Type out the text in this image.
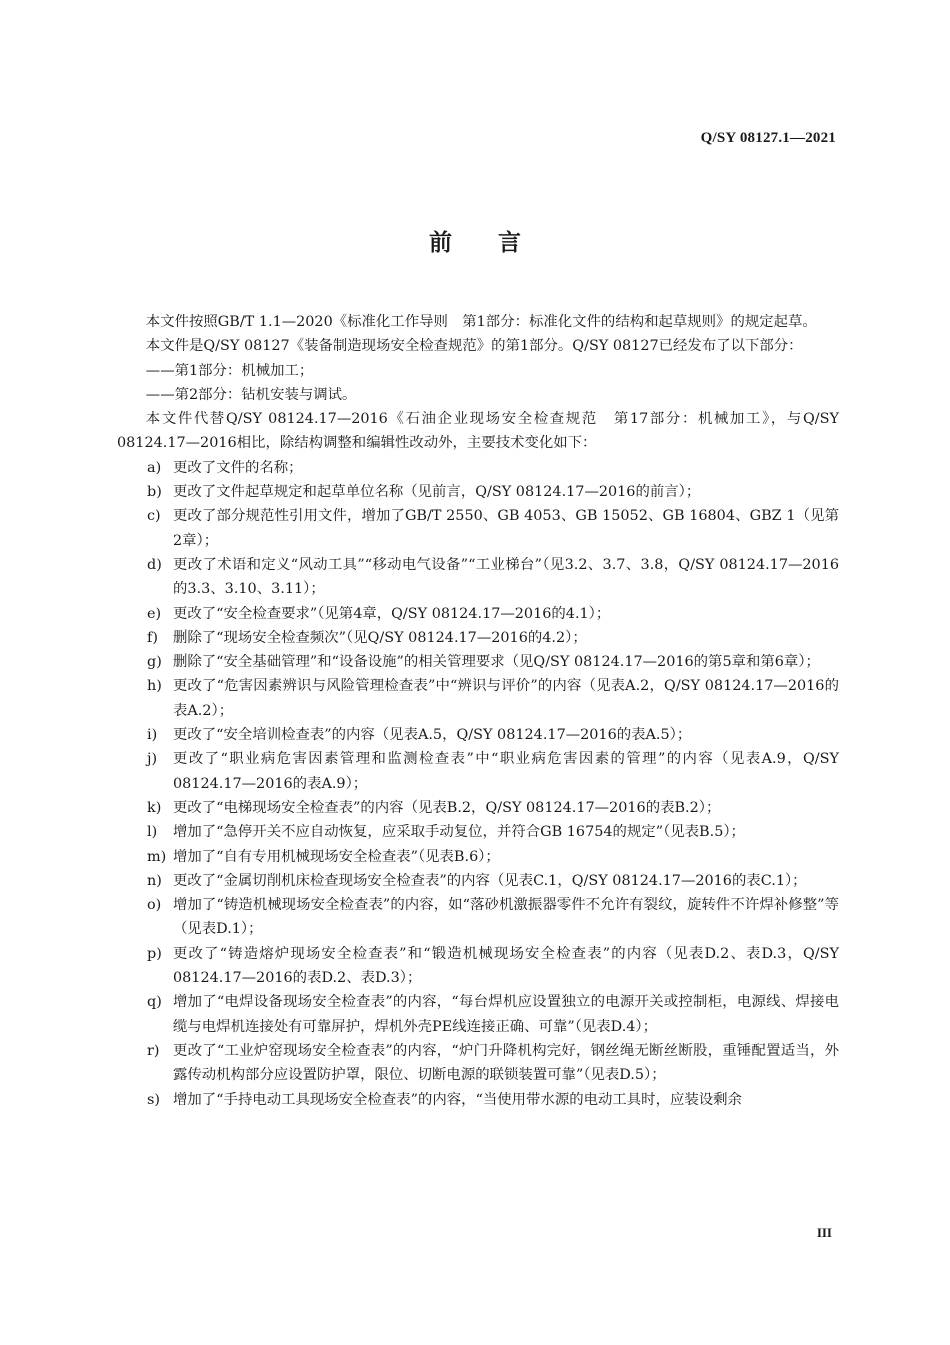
Q/SY 08127.1—2021
前言

本文件按照GB/T 1.1—2020《标准化工作导则　第1部分：标准化文件的结构和起草规则》的规定起草。

本文件是Q/SY 08127《装备制造现场安全检查规范》的第1部分。Q/SY 08127已经发布了以下部分：

——第1部分：机械加工；

——第2部分：钻机安装与调试。

本文件代替Q/SY 08124.17—2016《石油企业现场安全检查规范　第17部分：机械加工》，与Q/SY 08124.17—2016相比，除结构调整和编辑性改动外，主要技术变化如下：

a) 更改了文件的名称；

b) 更改了文件起草规定和起草单位名称（见前言，Q/SY 08124.17—2016的前言）；

c) 更改了部分规范性引用文件，增加了GB/T 2550、GB 4053、GB 15052、GB 16804、GBZ 1（见第2章）；

d) 更改了术语和定义“风动工具”“移动电气设备”“工业梯台”（见3.2、3.7、3.8，Q/SY 08124.17—2016的3.3、3.10、3.11）；

e) 更改了“安全检查要求”（见第4章，Q/SY 08124.17—2016的4.1）；

f) 删除了“现场安全检查频次”（见Q/SY 08124.17—2016的4.2）；

g) 删除了“安全基础管理”和“设备设施”的相关管理要求（见Q/SY 08124.17—2016的第5章和第6章）；

h) 更改了“危害因素辨识与风险管理检查表”中“辨识与评价”的内容（见表A.2，Q/SY 08124.17—2016的表A.2）；

i) 更改了“安全培训检查表”的内容（见表A.5，Q/SY 08124.17—2016的表A.5）；

j) 更改了“职业病危害因素管理和监测检查表”中“职业病危害因素的管理”的内容（见表A.9，Q/SY 08124.17—2016的表A.9）；

k) 更改了“电梯现场安全检查表”的内容（见表B.2，Q/SY 08124.17—2016的表B.2）；

l) 增加了“急停开关不应自动恢复，应采取手动复位，并符合GB 16754的规定”（见表B.5）；

m) 增加了“自有专用机械现场安全检查表”（见表B.6）；

n) 更改了“金属切削机床检查现场安全检查表”的内容（见表C.1，Q/SY 08124.17—2016的表C.1）；

o) 增加了“铸造机械现场安全检查表”的内容，如“落砂机激振器零件不允许有裂纹，旋转件不许焊补修整”等（见表D.1）；

p) 更改了“铸造熔炉现场安全检查表”和“锻造机械现场安全检查表”的内容（见表D.2、表D.3，Q/SY 08124.17—2016的表D.2、表D.3）；

q) 增加了“电焊设备现场安全检查表”的内容，“每台焊机应设置独立的电源开关或控制柜，电源线、焊接电缆与电焊机连接处有可靠屏护，焊机外壳PE线连接正确、可靠”（见表D.4）；

r) 更改了“工业炉窑现场安全检查表”的内容，“炉门升降机构完好，钢丝绳无断丝断股，重锤配置适当，外露传动机构部分应设置防护罩，限位、切断电源的联锁装置可靠”（见表D.5）；

s) 增加了“手持电动工具现场安全检查表”的内容，“当使用带水源的电动工具时，应装设剩余

III
